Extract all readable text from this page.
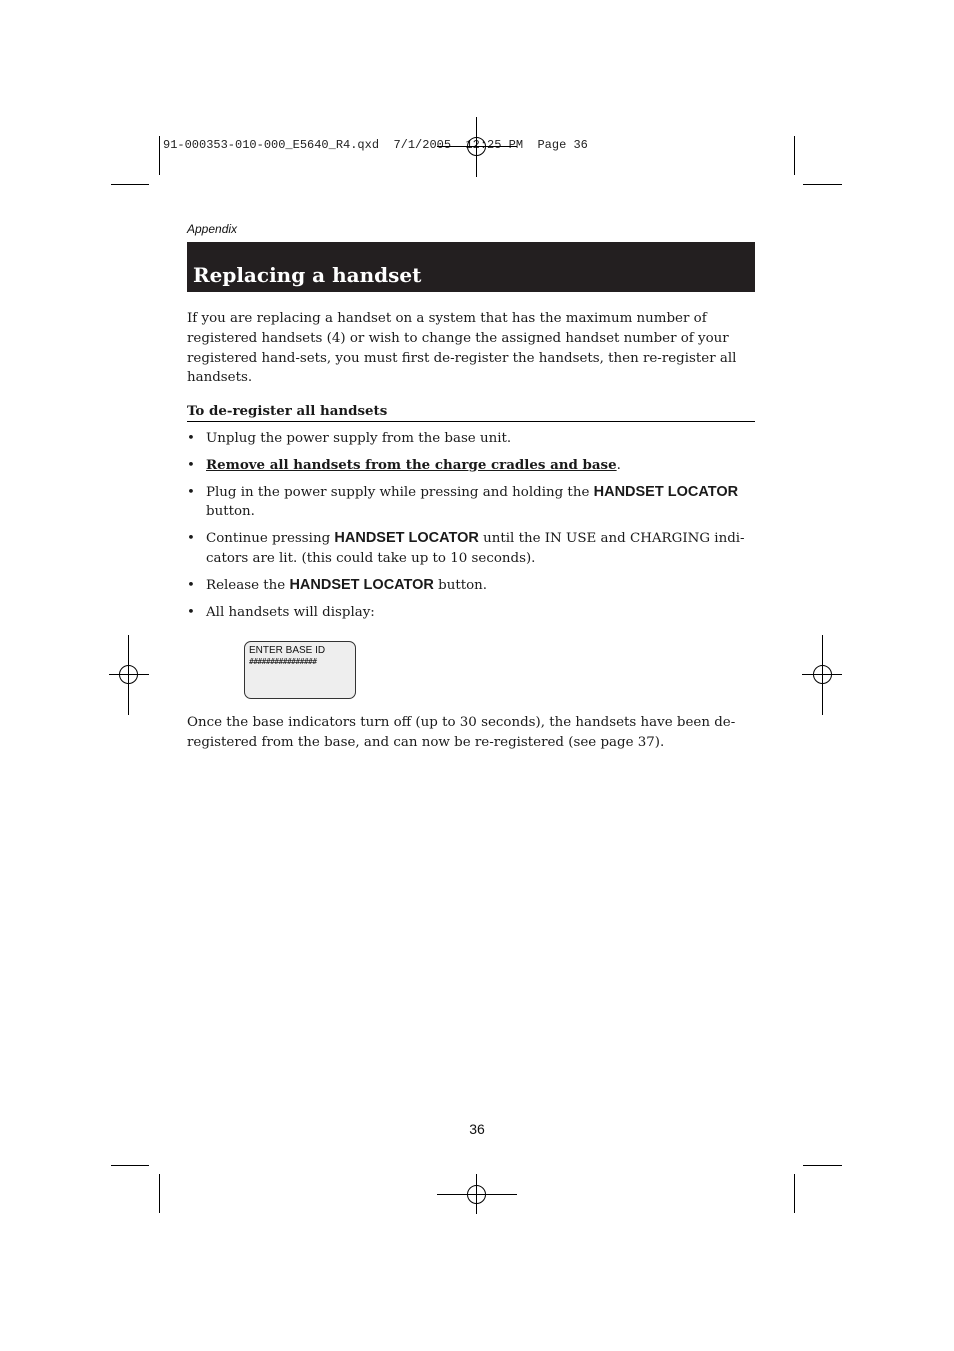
91-000353-010-000_E5640_R4.qxd  7/1/2005  12:25 PM  Page 36
Appendix
Replacing a handset

If you are replacing a handset on a system that has the maximum number of registered handsets (4) or wish to change the assigned handset number of your registered hand-sets, you must first de-register the handsets, then re-register all handsets.

To de-register all handsets
• Unplug the power supply from the base unit.
• Remove all handsets from the charge cradles and base.
• Plug in the power supply while pressing and holding the HANDSET LOCATOR button.
• Continue pressing HANDSET LOCATOR until the IN USE and CHARGING indi-cators are lit. (this could take up to 10 seconds).
• Release the HANDSET LOCATOR button.
• All handsets will display:
ENTER BASE ID
################

Once the base indicators turn off (up to 30 seconds), the handsets have been de-registered from the base, and can now be re-registered (see page 37).

36
